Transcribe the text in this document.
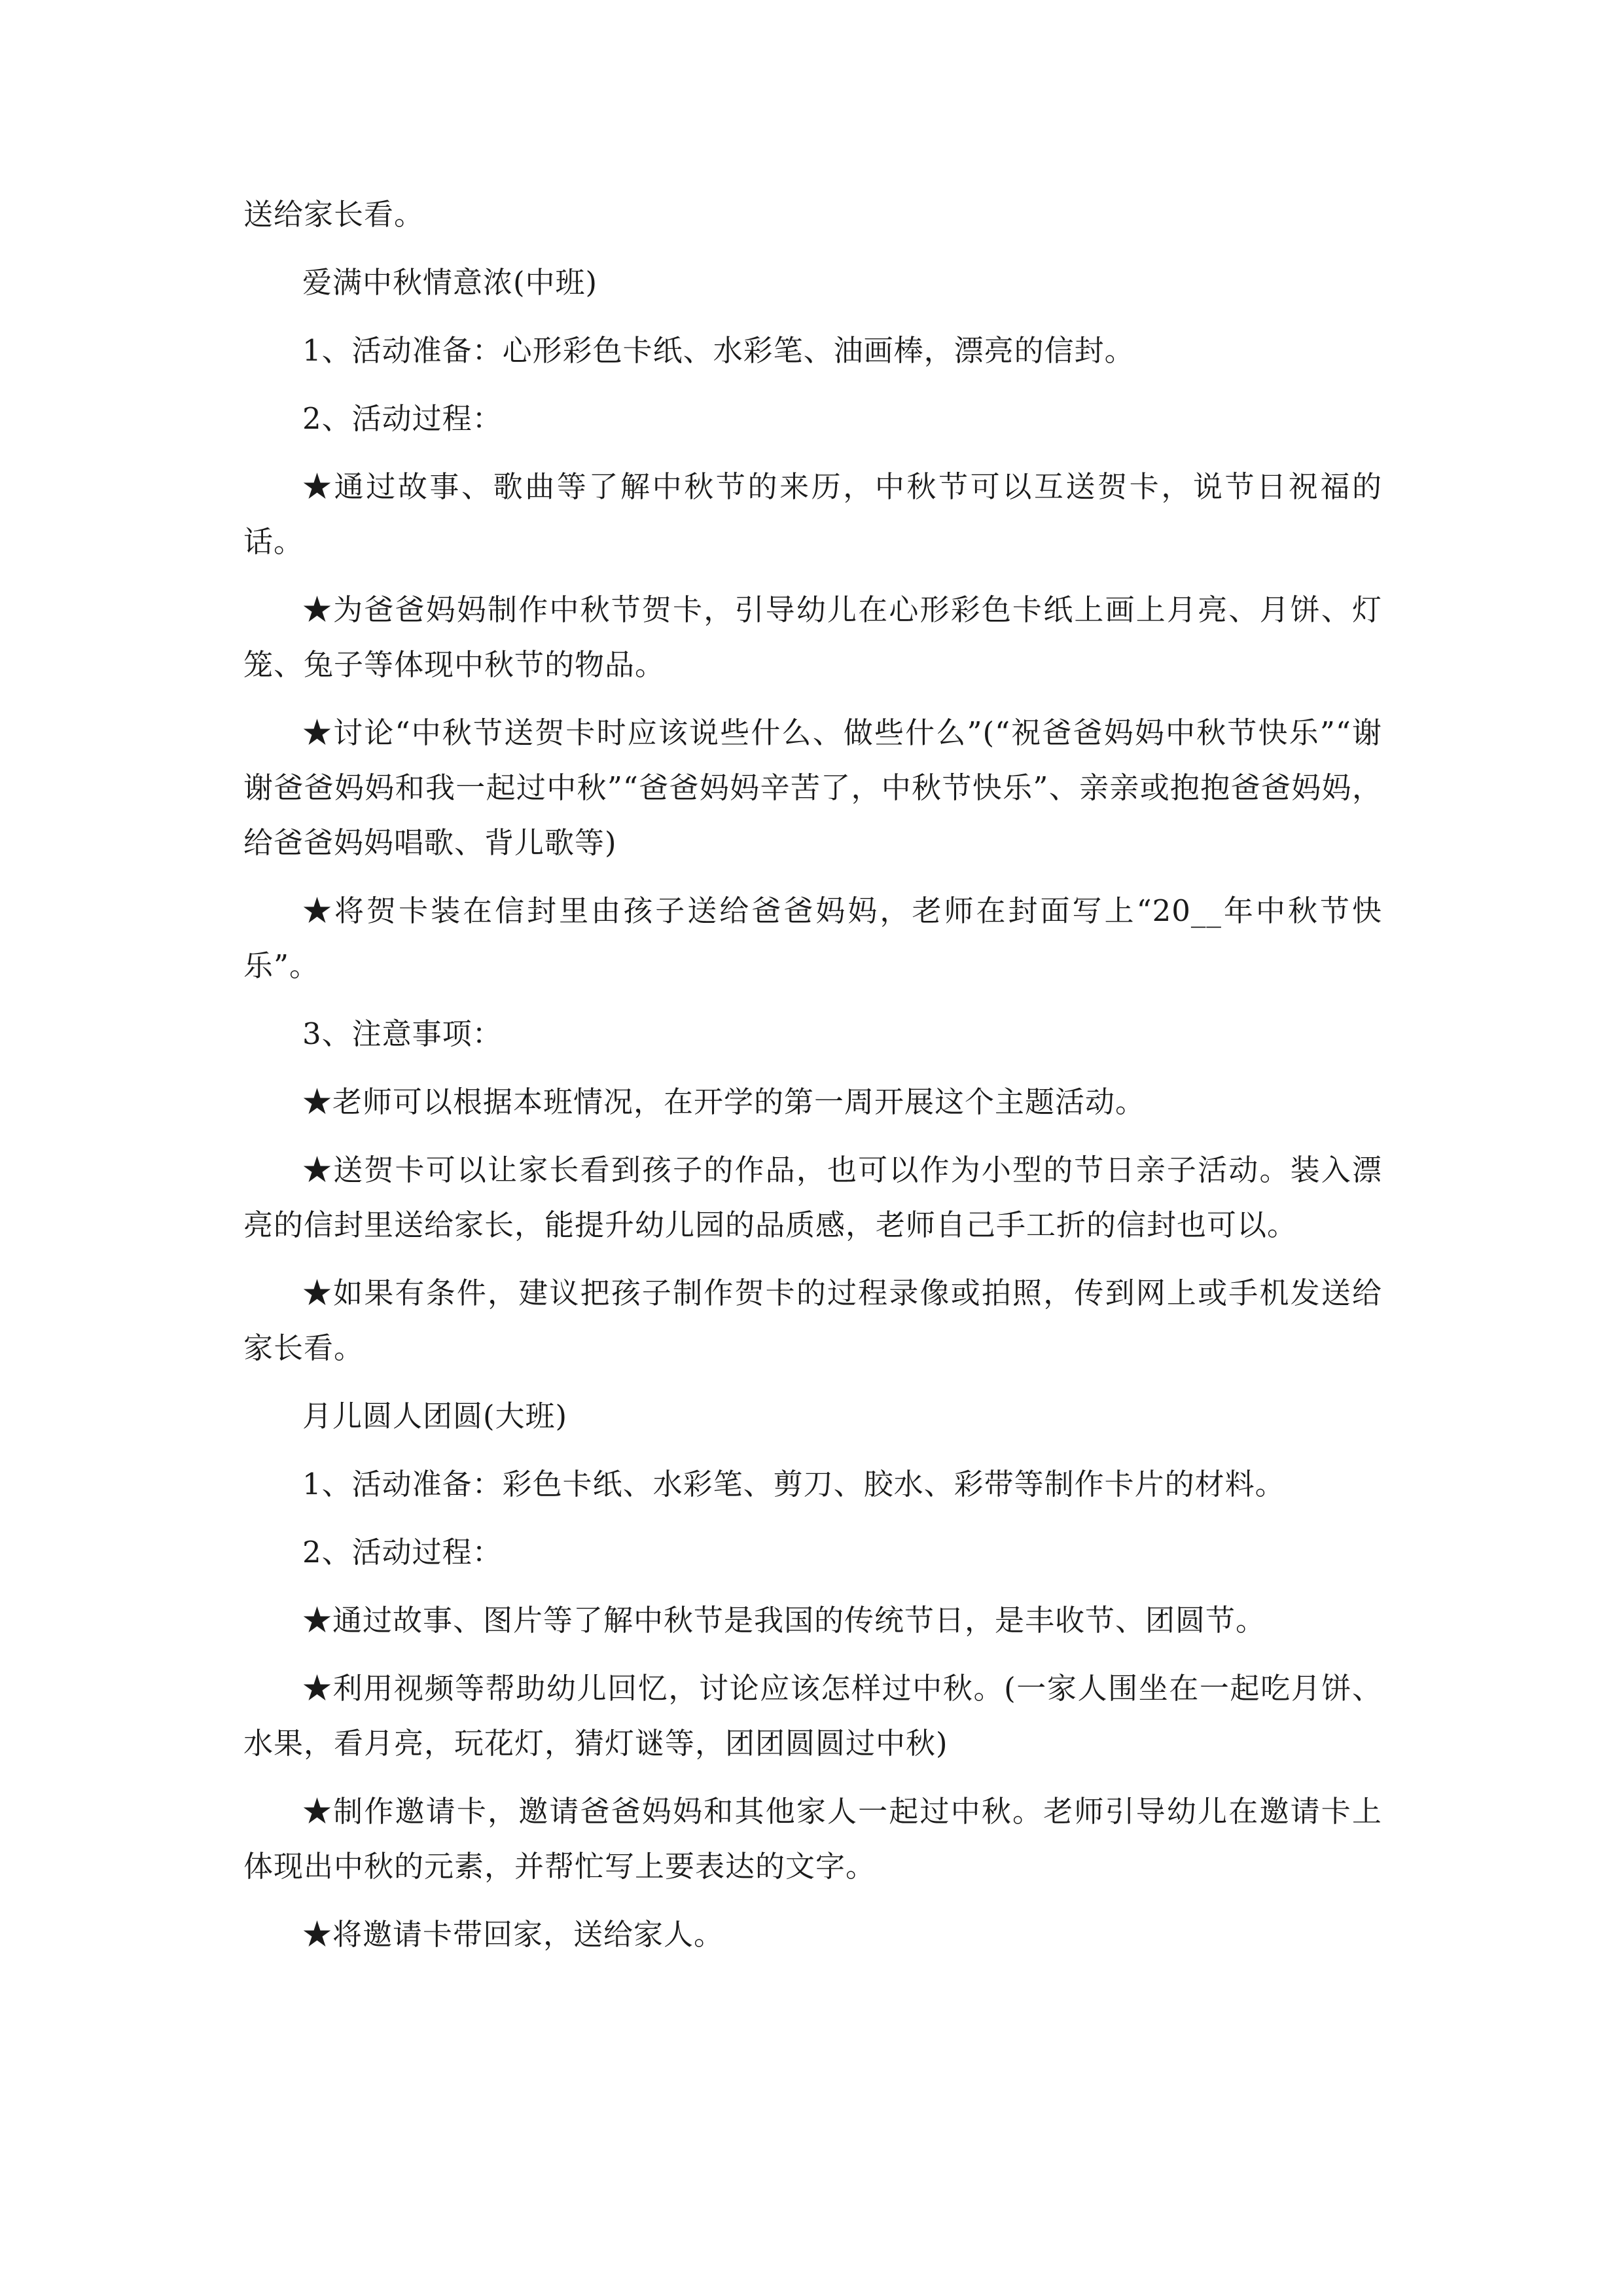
送给家长看。

爱满中秋情意浓(中班)

1、活动准备：心形彩色卡纸、水彩笔、油画棒，漂亮的信封。

2、活动过程：

★通过故事、歌曲等了解中秋节的来历，中秋节可以互送贺卡，说节日祝福的话。

★为爸爸妈妈制作中秋节贺卡，引导幼儿在心形彩色卡纸上画上月亮、月饼、灯笼、兔子等体现中秋节的物品。

★讨论“中秋节送贺卡时应该说些什么、做些什么”(“祝爸爸妈妈中秋节快乐”“谢谢爸爸妈妈和我一起过中秋”“爸爸妈妈辛苦了，中秋节快乐”、亲亲或抱抱爸爸妈妈，给爸爸妈妈唱歌、背儿歌等)

★将贺卡装在信封里由孩子送给爸爸妈妈，老师在封面写上“20__年中秋节快乐”。

3、注意事项：

★老师可以根据本班情况，在开学的第一周开展这个主题活动。

★送贺卡可以让家长看到孩子的作品，也可以作为小型的节日亲子活动。装入漂亮的信封里送给家长，能提升幼儿园的品质感，老师自己手工折的信封也可以。

★如果有条件，建议把孩子制作贺卡的过程录像或拍照，传到网上或手机发送给家长看。

月儿圆人团圆(大班)

1、活动准备：彩色卡纸、水彩笔、剪刀、胶水、彩带等制作卡片的材料。

2、活动过程：

★通过故事、图片等了解中秋节是我国的传统节日，是丰收节、团圆节。

★利用视频等帮助幼儿回忆，讨论应该怎样过中秋。(一家人围坐在一起吃月饼、水果，看月亮，玩花灯，猜灯谜等，团团圆圆过中秋)

★制作邀请卡，邀请爸爸妈妈和其他家人一起过中秋。老师引导幼儿在邀请卡上体现出中秋的元素，并帮忙写上要表达的文字。

★将邀请卡带回家，送给家人。
